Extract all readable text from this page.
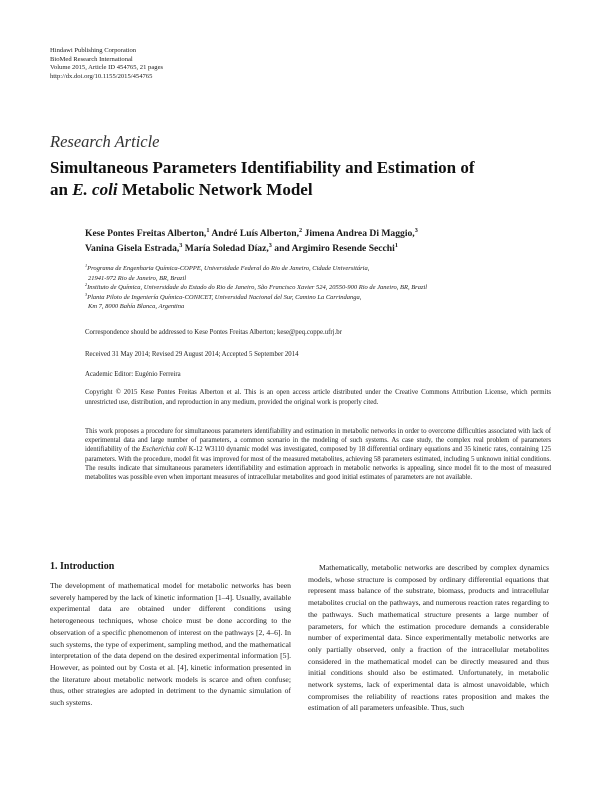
Hindawi Publishing Corporation
BioMed Research International
Volume 2015, Article ID 454765, 21 pages
http://dx.doi.org/10.1155/2015/454765
Research Article
Simultaneous Parameters Identifiability and Estimation of
an E. coli Metabolic Network Model
Kese Pontes Freitas Alberton,$^1$ André Luís Alberton,$^2$ Jimena Andrea Di Maggio,$^3$
Vanina Gisela Estrada,$^3$ María Soledad Díaz,$^3$ and Argimiro Resende Secchi$^1$
$^1$Programa de Engenharia Química-COPPE, Universidade Federal do Rio de Janeiro, Cidade Universitária,
21941-972 Rio de Janeiro, BR, Brazil
$^2$Instituto de Química, Universidade do Estado do Rio de Janeiro, São Francisco Xavier 524, 20550-900 Rio de Janeiro, BR, Brazil
$^3$Planta Piloto de Ingeniería Química-CONICET, Universidad Nacional del Sur, Camino La Carrindanga,
Km 7, 8000 Bahía Blanca, Argentina
Correspondence should be addressed to Kese Pontes Freitas Alberton; kese@peq.coppe.ufrj.br
Received 31 May 2014; Revised 29 August 2014; Accepted 5 September 2014
Academic Editor: Eugénio Ferreira
Copyright © 2015 Kese Pontes Freitas Alberton et al. This is an open access article distributed under the Creative Commons Attribution License, which permits unrestricted use, distribution, and reproduction in any medium, provided the original work is properly cited.
This work proposes a procedure for simultaneous parameters identifiability and estimation in metabolic networks in order to overcome difficulties associated with lack of experimental data and large number of parameters, a common scenario in the modeling of such systems. As case study, the complex real problem of parameters identifiability of the Escherichia coli K-12 W3110 dynamic model was investigated, composed by 18 differential ordinary equations and 35 kinetic rates, containing 125 parameters. With the procedure, model fit was improved for most of the measured metabolites, achieving 58 parameters estimated, including 5 unknown initial conditions. The results indicate that simultaneous parameters identifiability and estimation approach in metabolic networks is appealing, since model fit to the most of measured metabolites was possible even when important measures of intracellular metabolites and good initial estimates of parameters are not available.
1. Introduction

The development of mathematical model for metabolic networks has been severely hampered by the lack of kinetic information [1–4]. Usually, available experimental data are obtained under different conditions using heterogeneous techniques, whose choice must be done according to the observation of a specific phenomenon of interest on the pathways [2, 4–6]. In such systems, the type of experiment, sampling method, and the mathematical interpretation of the data depend on the desired experimental information [5]. However, as pointed out by Costa et al. [4], kinetic information presented in the literature about metabolic network models is scarce and often confuse; thus, other strategies are adopted in detriment to the dynamic simulation of such systems.

Mathematically, metabolic networks are described by complex dynamics models, whose structure is composed by ordinary differential equations that represent mass balance of the substrate, biomass, products and intracellular metabolites crucial on the pathways, and numerous reaction rates regarding to the pathways. Such mathematical structure presents a large number of parameters, for which the estimation procedure demands a considerable number of experimental data. Since experimentally metabolic networks are only partially observed, only a fraction of the intracellular metabolites considered in the mathematical model can be directly measured and thus initial conditions should also be estimated. Unfortunately, in metabolic network systems, lack of experimental data is almost unavoidable, which compromises the reliability of reactions rates proposition and makes the estimation of all parameters unfeasible. Thus, such
